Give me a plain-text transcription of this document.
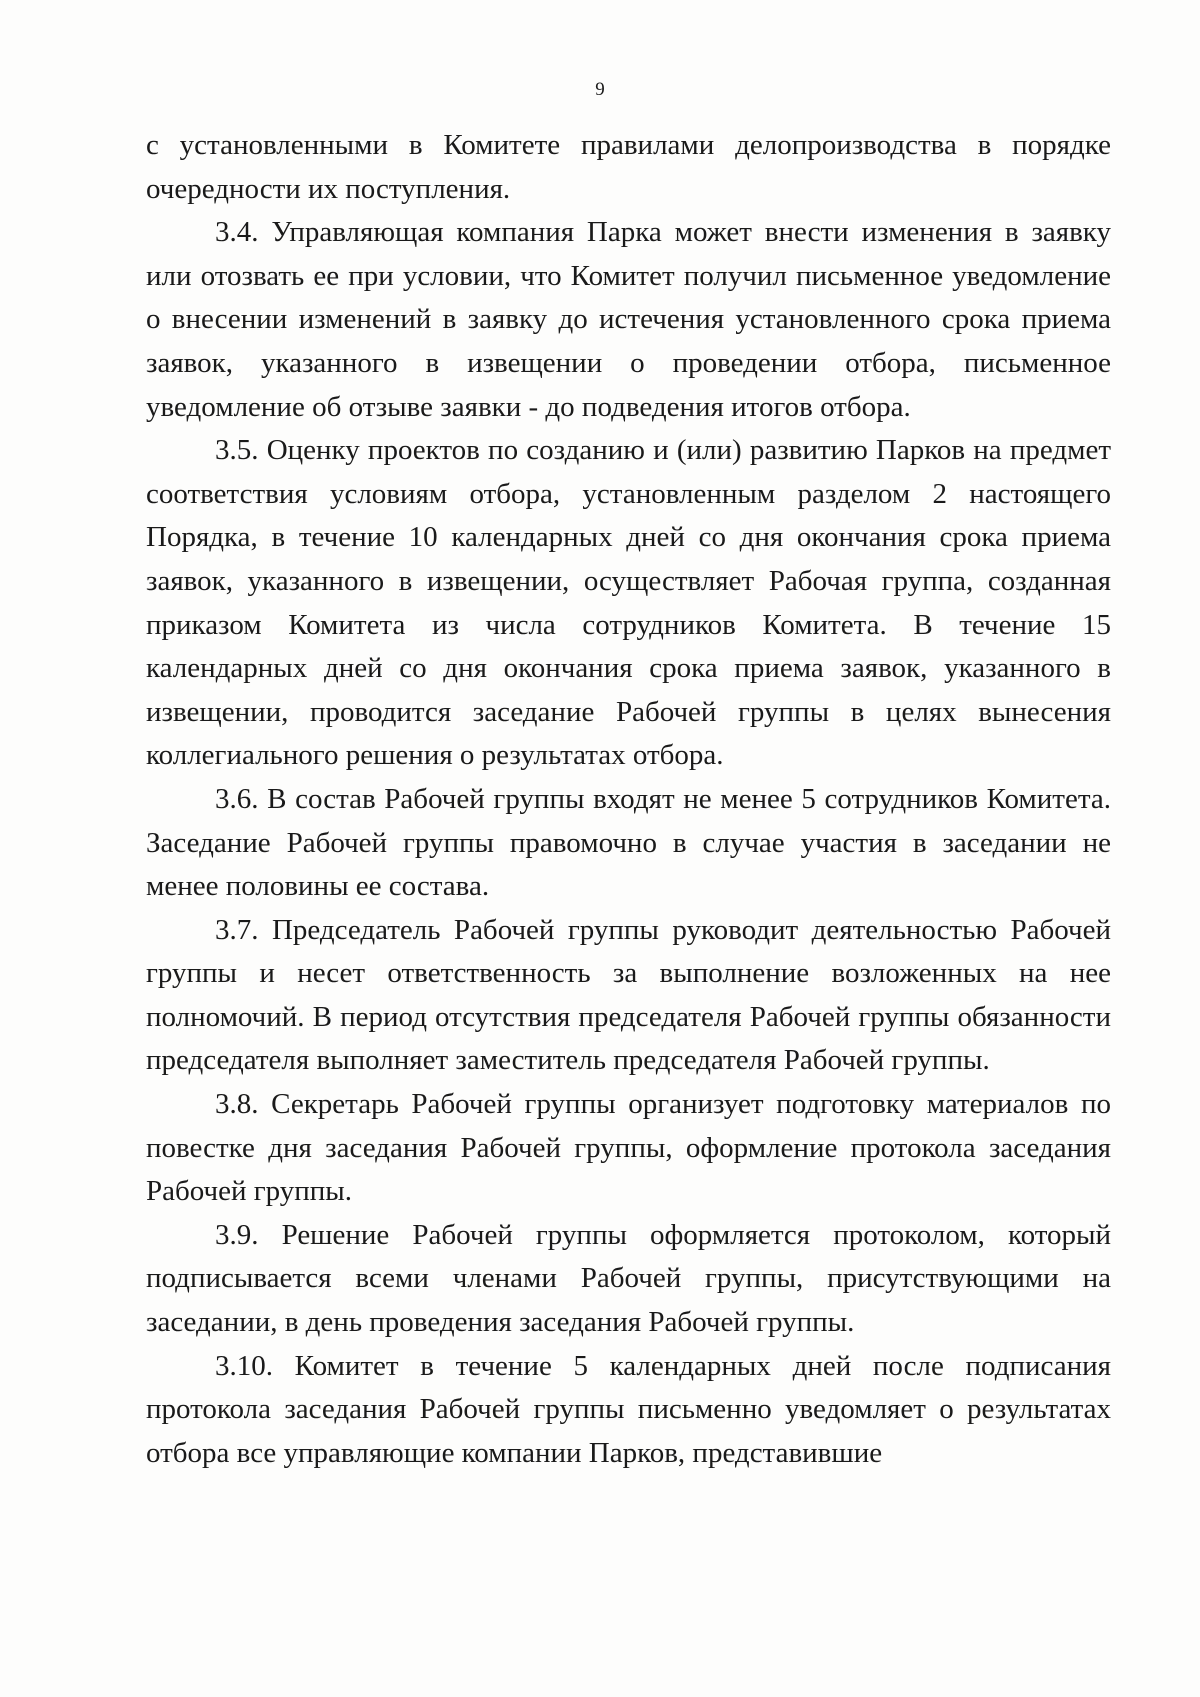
9

с установленными в Комитете правилами делопроизводства в порядке очередности их поступления.

3.4. Управляющая компания Парка может внести изменения в заявку или отозвать ее при условии, что Комитет получил письменное уведомление о внесении изменений в заявку до истечения установленного срока приема заявок, указанного в извещении о проведении отбора, письменное уведомление об отзыве заявки - до подведения итогов отбора.

3.5. Оценку проектов по созданию и (или) развитию Парков на предмет соответствия условиям отбора, установленным разделом 2 настоящего Порядка, в течение 10 календарных дней со дня окончания срока приема заявок, указанного в извещении, осуществляет Рабочая группа, созданная приказом Комитета из числа сотрудников Комитета. В течение 15 календарных дней со дня окончания срока приема заявок, указанного в извещении, проводится заседание Рабочей группы в целях вынесения коллегиального решения о результатах отбора.

3.6. В состав Рабочей группы входят не менее 5 сотрудников Комитета. Заседание Рабочей группы правомочно в случае участия в заседании не менее половины ее состава.

3.7. Председатель Рабочей группы руководит деятельностью Рабочей группы и несет ответственность за выполнение возложенных на нее полномочий. В период отсутствия председателя Рабочей группы обязанности председателя выполняет заместитель председателя Рабочей группы.

3.8. Секретарь Рабочей группы организует подготовку материалов по повестке дня заседания Рабочей группы, оформление протокола заседания Рабочей группы.

3.9. Решение Рабочей группы оформляется протоколом, который подписывается всеми членами Рабочей группы, присутствующими на заседании, в день проведения заседания Рабочей группы.

3.10. Комитет в течение 5 календарных дней после подписания протокола заседания Рабочей группы письменно уведомляет о результатах отбора все управляющие компании Парков, представившие
